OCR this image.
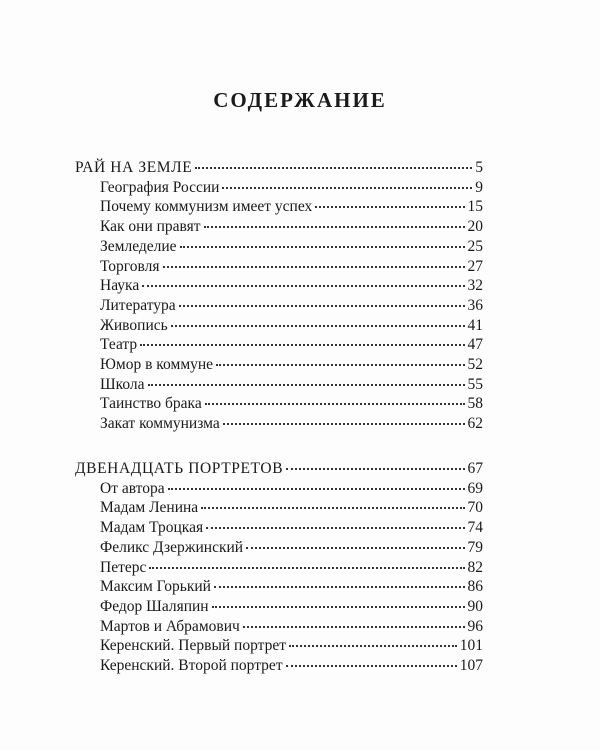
СОДЕРЖАНИЕ
РАЙ НА ЗЕМЛЕ	5
География России	9
Почему коммунизм имеет успех	15
Как они правят	20
Земледелие	25
Торговля	27
Наука	32
Литература	36
Живопись	41
Театр	47
Юмор в коммуне	52
Школа	55
Таинство брака	58
Закат коммунизма	62
ДВЕНАДЦАТЬ ПОРТРЕТОВ	67
От автора	69
Мадам Ленина	70
Мадам Троцкая	74
Феликс Дзержинский	79
Петерс	82
Максим Горький	86
Федор Шаляпин	90
Мартов и Абрамович	96
Керенский. Первый портрет	101
Керенский. Второй портрет	107
